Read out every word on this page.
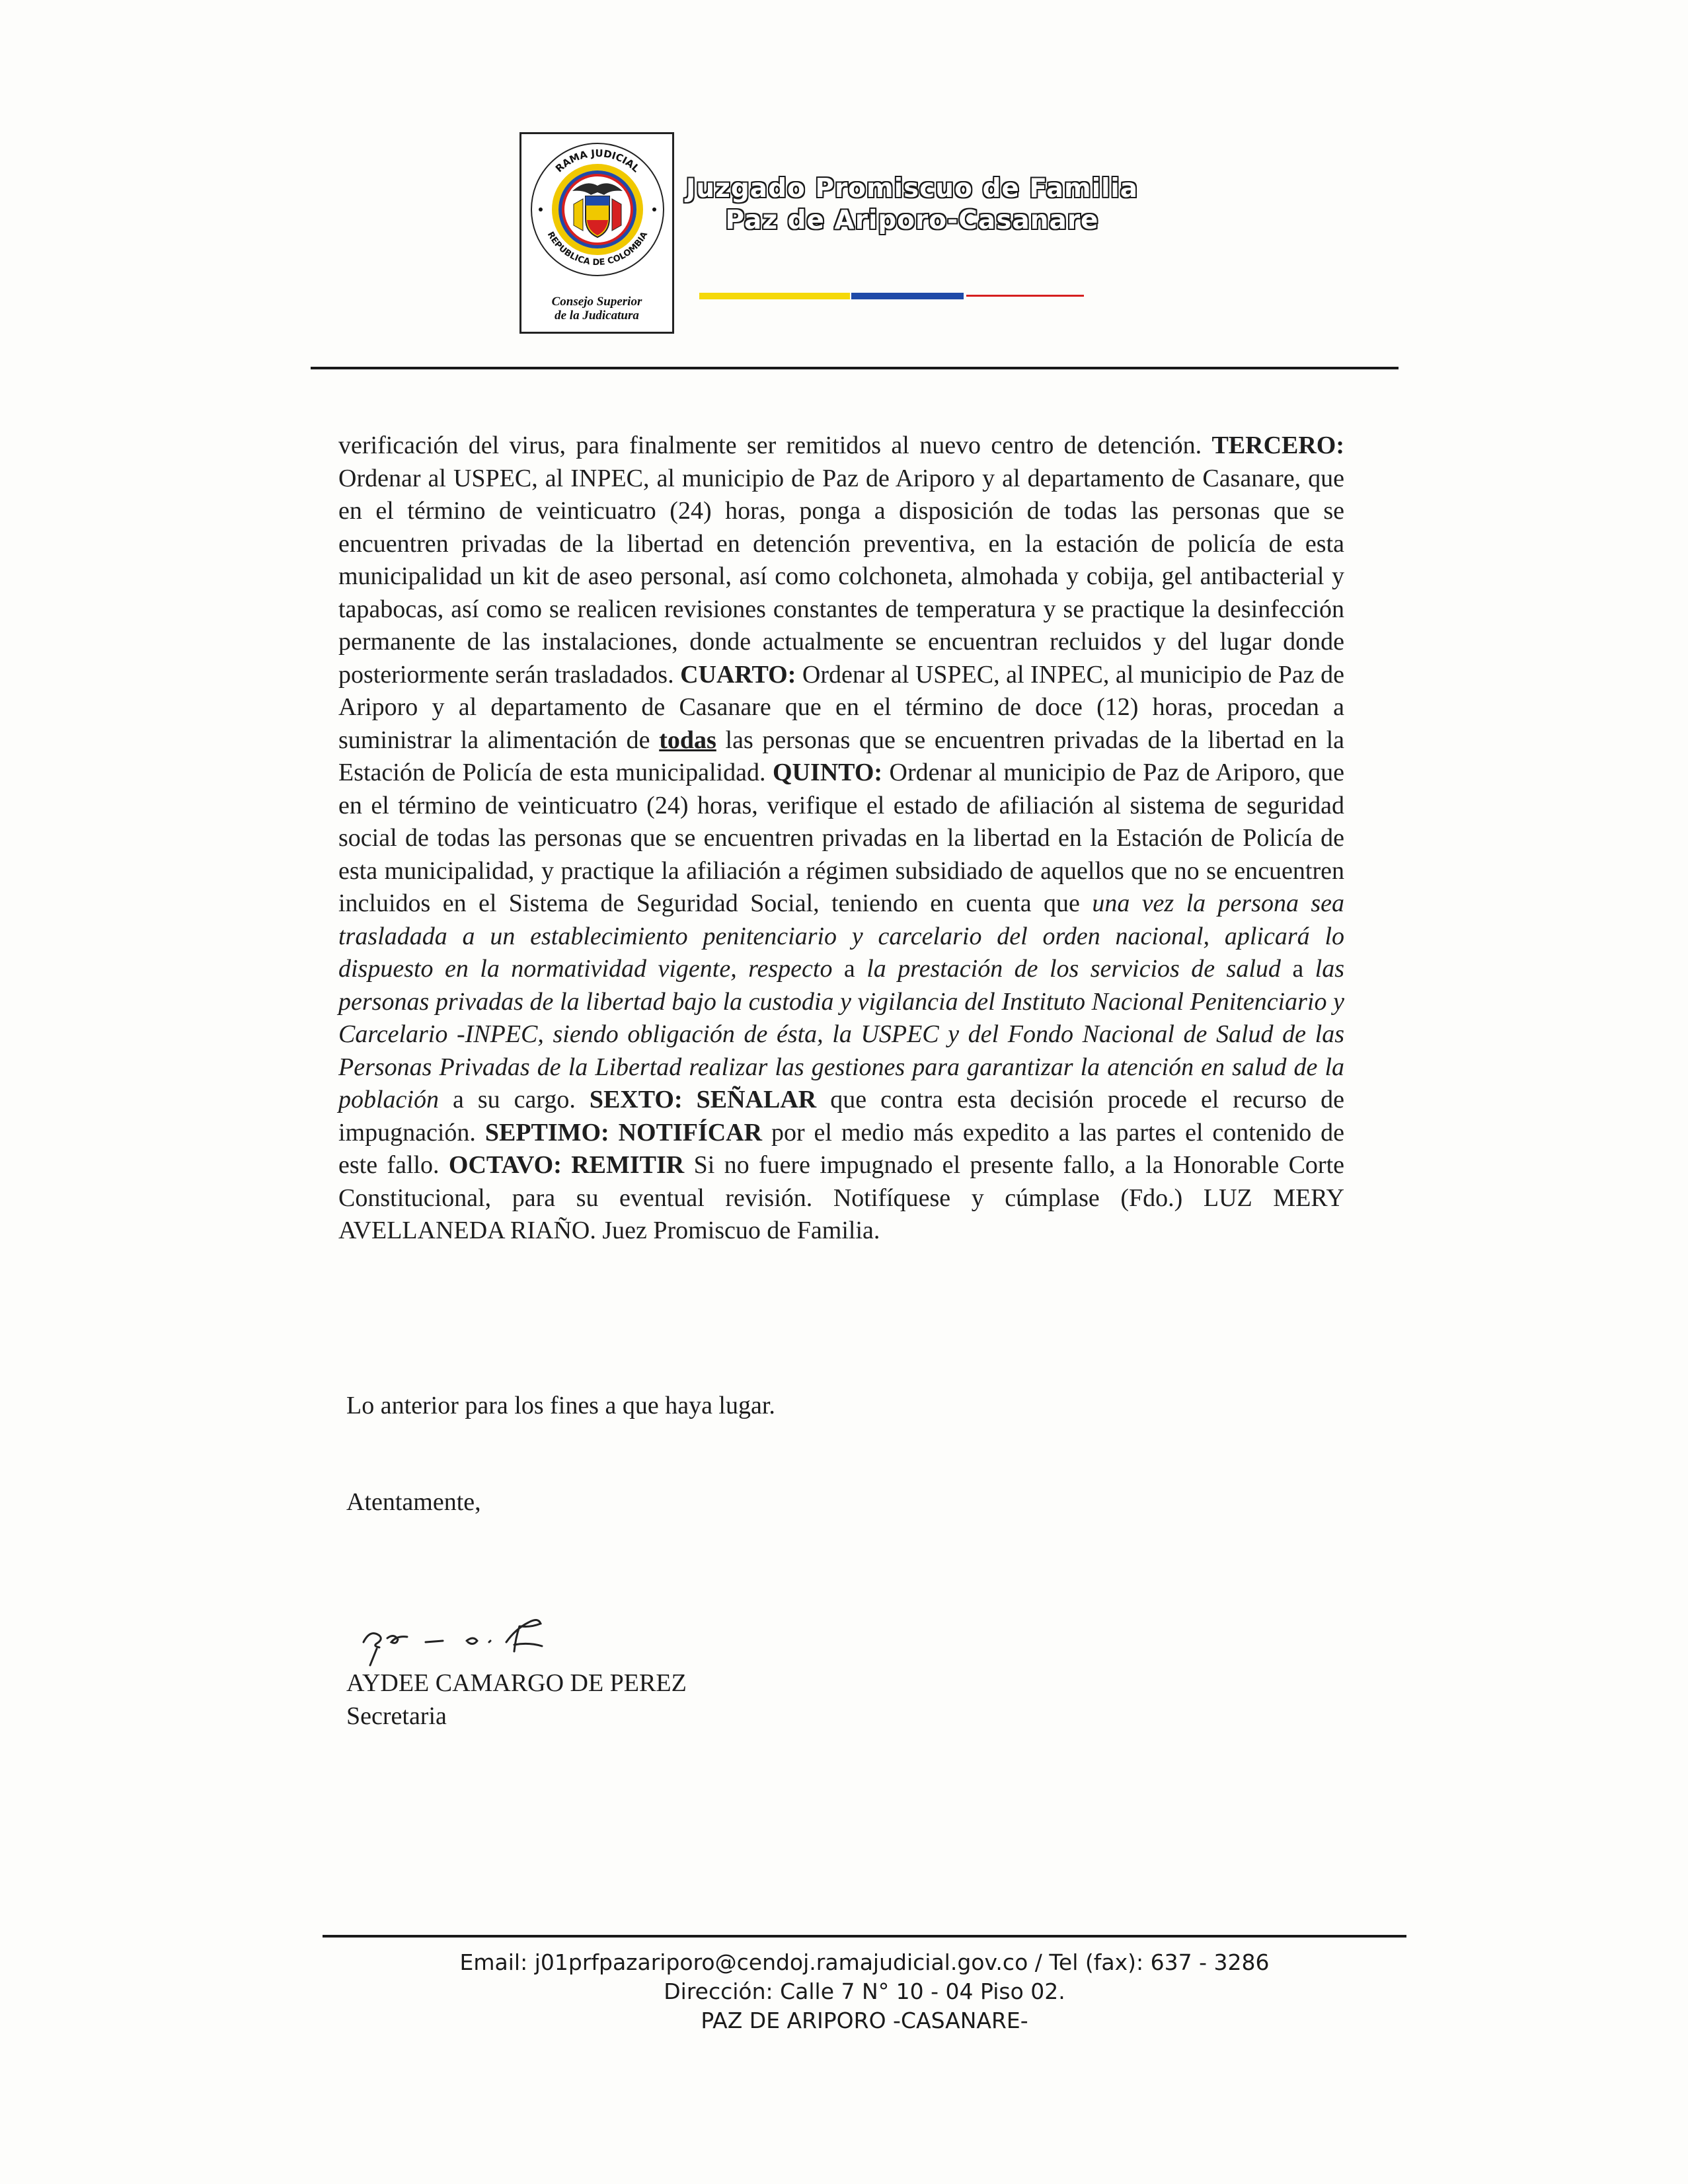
RAMA JUDICIAL
REPUBLICA DE COLOMBIA
Consejo Superior
de la Judicatura
Juzgado Promiscuo de Familia
Paz de Ariporo-Casanare

verificación del virus, para finalmente ser remitidos al nuevo centro de detención. TERCERO: Ordenar al USPEC, al INPEC, al municipio de Paz de Ariporo y al departamento de Casanare, que en el término de veinticuatro (24) horas, ponga a disposición de todas las personas que se encuentren privadas de la libertad en detención preventiva, en la estación de policía de esta municipalidad un kit de aseo personal, así como colchoneta, almohada y cobija, gel antibacterial y tapabocas, así como se realicen revisiones constantes de temperatura y se practique la desinfección permanente de las instalaciones, donde actualmente se encuentran recluidos y del lugar donde posteriormente serán trasladados. CUARTO: Ordenar al USPEC, al INPEC, al municipio de Paz de Ariporo y al departamento de Casanare que en el término de doce (12) horas, procedan a suministrar la alimentación de todas las personas que se encuentren privadas de la libertad en la Estación de Policía de esta municipalidad. QUINTO: Ordenar al municipio de Paz de Ariporo, que en el término de veinticuatro (24) horas, verifique el estado de afiliación al sistema de seguridad social de todas las personas que se encuentren privadas en la libertad en la Estación de Policía de esta municipalidad, y practique la afiliación a régimen subsidiado de aquellos que no se encuentren incluidos en el Sistema de Seguridad Social, teniendo en cuenta que una vez la persona sea trasladada a un establecimiento penitenciario y carcelario del orden nacional, aplicará lo dispuesto en la normatividad vigente, respecto a la prestación de los servicios de salud a las personas privadas de la libertad bajo la custodia y vigilancia del Instituto Nacional Penitenciario y Carcelario -INPEC, siendo obligación de ésta, la USPEC y del Fondo Nacional de Salud de las Personas Privadas de la Libertad realizar las gestiones para garantizar la atención en salud de la población a su cargo. SEXTO: SEÑALAR que contra esta decisión procede el recurso de impugnación. SEPTIMO: NOTIFÍCAR por el medio más expedito a las partes el contenido de este fallo. OCTAVO: REMITIR Si no fuere impugnado el presente fallo, a la Honorable Corte Constitucional, para su eventual revisión. Notifíquese y cúmplase (Fdo.) LUZ MERY AVELLANEDA RIAÑO. Juez Promiscuo de Familia.

Lo anterior para los fines a que haya lugar.

Atentamente,

AYDEE CAMARGO DE PEREZ

Secretaria

Email: j01prfpazariporo@cendoj.ramajudicial.gov.co / Tel (fax): 637 - 3286
Dirección: Calle 7 N° 10 - 04 Piso 02.
PAZ DE ARIPORO -CASANARE-
